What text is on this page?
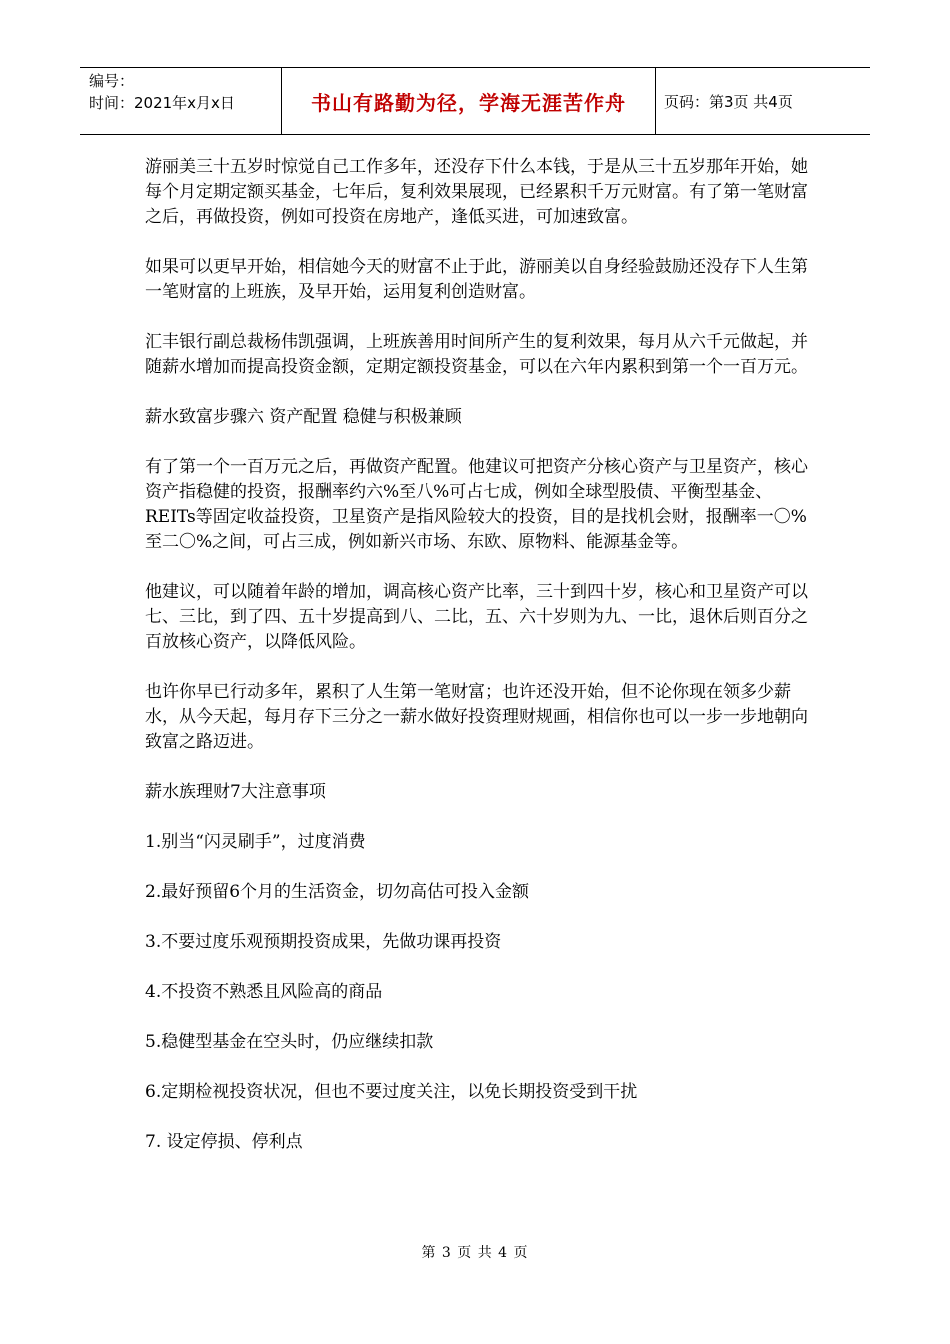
编号：
时间：2021年x月x日	书山有路勤为径，学海无涯苦作舟	页码：第3页 共4页

游丽美三十五岁时惊觉自己工作多年，还没存下什么本钱，于是从三十五岁那年开始，她每个月定期定额买基金，七年后，复利效果展现，已经累积千万元财富。有了第一笔财富之后，再做投资，例如可投资在房地产，逢低买进，可加速致富。

如果可以更早开始，相信她今天的财富不止于此，游丽美以自身经验鼓励还没存下人生第一笔财富的上班族，及早开始，运用复利创造财富。

汇丰银行副总裁杨伟凯强调，上班族善用时间所产生的复利效果，每月从六千元做起，并随薪水增加而提高投资金额，定期定额投资基金，可以在六年内累积到第一个一百万元。

薪水致富步骤六 资产配置 稳健与积极兼顾

有了第一个一百万元之后，再做资产配置。他建议可把资产分核心资产与卫星资产，核心资产指稳健的投资，报酬率约六%至八%可占七成，例如全球型股债、平衡型基金、REITs等固定收益投资，卫星资产是指风险较大的投资，目的是找机会财，报酬率一〇%至二〇%之间，可占三成，例如新兴市场、东欧、原物料、能源基金等。

他建议，可以随着年龄的增加，调高核心资产比率，三十到四十岁，核心和卫星资产可以七、三比，到了四、五十岁提高到八、二比，五、六十岁则为九、一比，退休后则百分之百放核心资产，以降低风险。

也许你早已行动多年，累积了人生第一笔财富；也许还没开始，但不论你现在领多少薪水，从今天起，每月存下三分之一薪水做好投资理财规画，相信你也可以一步一步地朝向致富之路迈进。

薪水族理财7大注意事项

1.别当“闪灵刷手”，过度消费

2.最好预留6个月的生活资金，切勿高估可投入金额

3.不要过度乐观预期投资成果，先做功课再投资

4.不投资不熟悉且风险高的商品

5.稳健型基金在空头时，仍应继续扣款

6.定期检视投资状况，但也不要过度关注，以免长期投资受到干扰

7. 设定停损、停利点

第 3 页 共 4 页
